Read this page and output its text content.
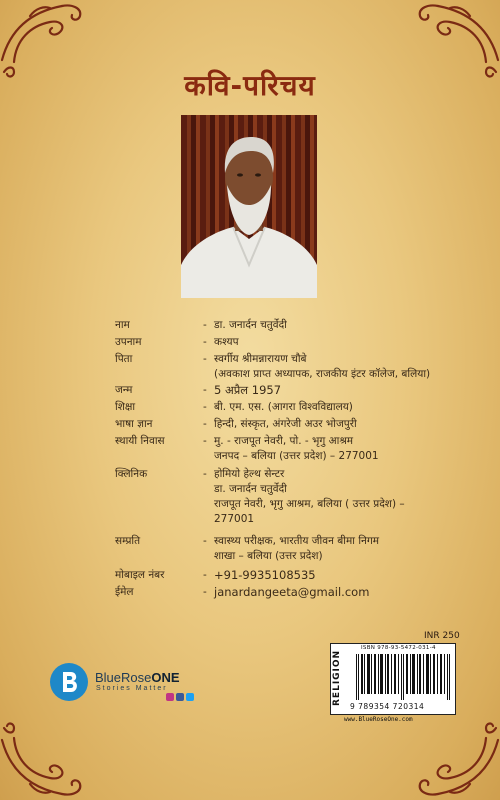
कवि-परिचय
नाम	- डा. जनार्दन चतुर्वेदी
उपनाम	- कश्यप
पिता	- स्वर्गीय श्रीमन्नारायण चौबे
(अवकाश प्राप्त अध्यापक, राजकीय इंटर कॉलेज, बलिया)
जन्म	- 5 अप्रैल 1957
शिक्षा	- बी. एम. एस. (आगरा विश्वविद्यालय)
भाषा ज्ञान	- हिन्दी, संस्कृत, अंगरेजी अउर भोजपुरी
स्थायी निवास	- मु. - राजपूत नेवरी, पो. - भृगु आश्रम
जनपद – बलिया (उत्तर प्रदेश) – 277001
क्लिनिक	- होमियो हेल्थ सेन्टर
डा. जनार्दन चतुर्वेदी
राजपूत नेवरी, भृगु आश्रम, बलिया ( उत्तर प्रदेश) –
277001
सम्प्रति	- स्वास्थ्य परीक्षक, भारतीय जीवन बीमा निगम
शाखा – बलिया (उत्तर प्रदेश)
मोबाइल नंबर	- +91-9935108535
ईमेल	- janardangeeta@gmail.com
BlueRoseONE
Stories Matter
INR 250
RELIGION
ISBN 978-93-5472-031-4
9 789354 720314
www.BlueRoseOne.com
